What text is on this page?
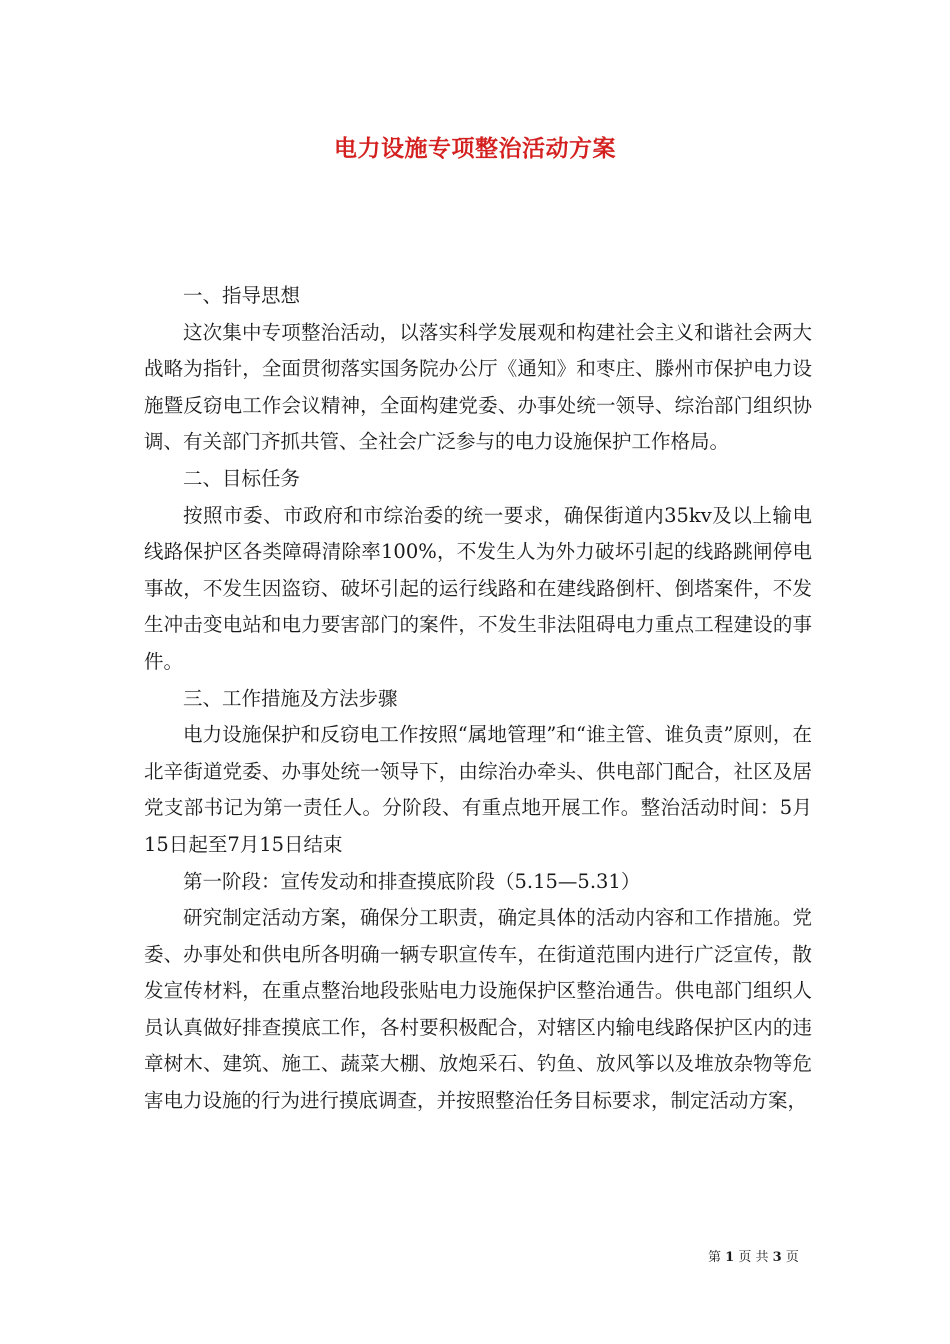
电力设施专项整治活动方案

一、指导思想

这次集中专项整治活动，以落实科学发展观和构建社会主义和谐社会两大战略为指针，全面贯彻落实国务院办公厅《通知》和枣庄、滕州市保护电力设施暨反窃电工作会议精神，全面构建党委、办事处统一领导、综治部门组织协调、有关部门齐抓共管、全社会广泛参与的电力设施保护工作格局。

二、目标任务

按照市委、市政府和市综治委的统一要求，确保街道内35kv及以上输电线路保护区各类障碍清除率100%，不发生人为外力破坏引起的线路跳闸停电事故，不发生因盗窃、破坏引起的运行线路和在建线路倒杆、倒塔案件，不发生冲击变电站和电力要害部门的案件，不发生非法阻碍电力重点工程建设的事件。

三、工作措施及方法步骤

电力设施保护和反窃电工作按照“属地管理”和“谁主管、谁负责”原则，在北辛街道党委、办事处统一领导下，由综治办牵头、供电部门配合，社区及居党支部书记为第一责任人。分阶段、有重点地开展工作。整治活动时间：5月15日起至7月15日结束

第一阶段：宣传发动和排查摸底阶段（5.15—5.31）

研究制定活动方案，确保分工职责，确定具体的活动内容和工作措施。党委、办事处和供电所各明确一辆专职宣传车，在街道范围内进行广泛宣传，散发宣传材料，在重点整治地段张贴电力设施保护区整治通告。供电部门组织人员认真做好排查摸底工作，各村要积极配合，对辖区内输电线路保护区内的违章树木、建筑、施工、蔬菜大棚、放炮采石、钓鱼、放风筝以及堆放杂物等危害电力设施的行为进行摸底调查，并按照整治任务目标要求，制定活动方案，

第 1 页 共 3 页
